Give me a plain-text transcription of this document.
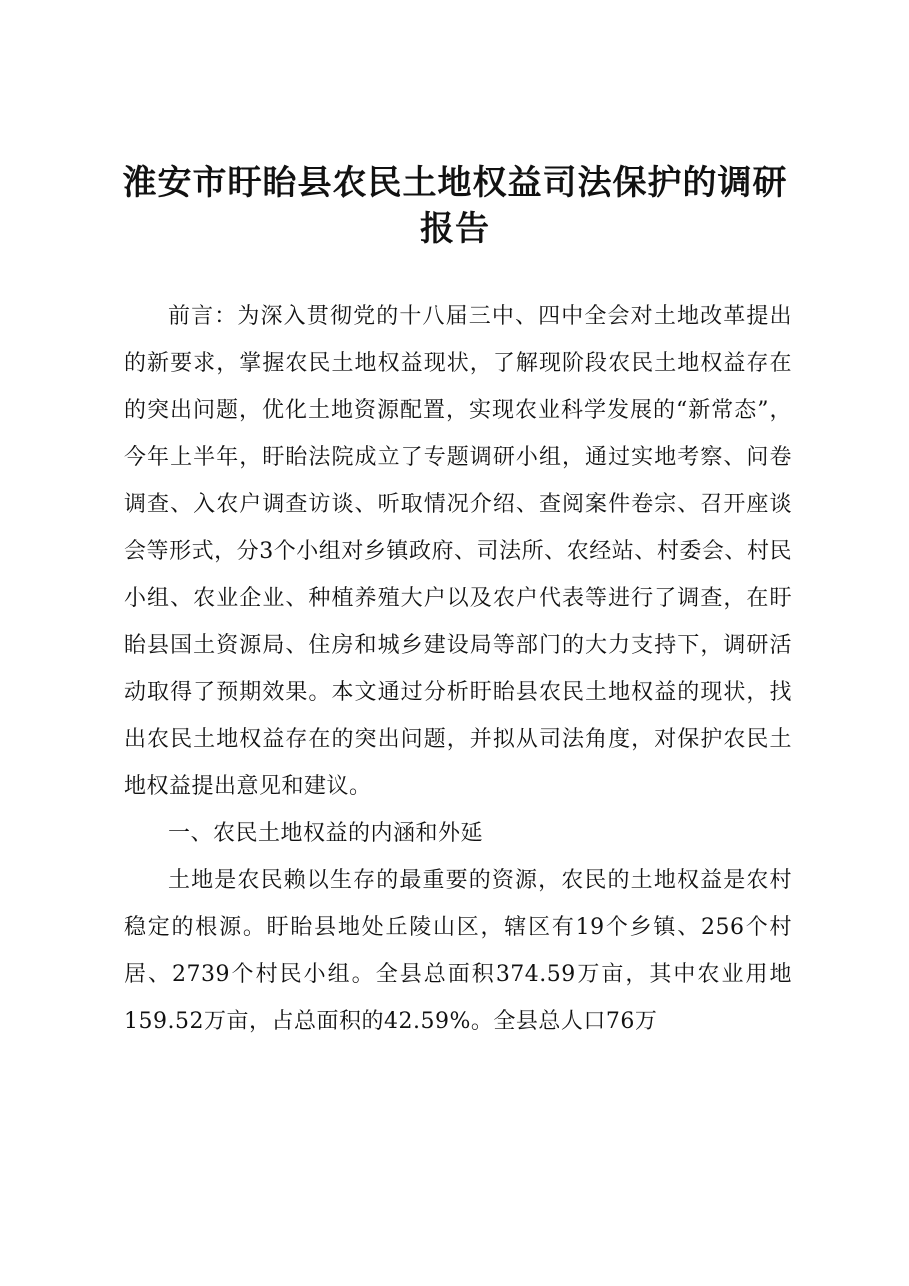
淮安市盱眙县农民土地权益司法保护的调研报告

前言：为深入贯彻党的十八届三中、四中全会对土地改革提出的新要求，掌握农民土地权益现状，了解现阶段农民土地权益存在的突出问题，优化土地资源配置，实现农业科学发展的“新常态”，今年上半年，盱眙法院成立了专题调研小组，通过实地考察、问卷调查、入农户调查访谈、听取情况介绍、查阅案件卷宗、召开座谈会等形式，分3个小组对乡镇政府、司法所、农经站、村委会、村民小组、农业企业、种植养殖大户以及农户代表等进行了调查，在盱眙县国土资源局、住房和城乡建设局等部门的大力支持下，调研活动取得了预期效果。本文通过分析盱眙县农民土地权益的现状，找出农民土地权益存在的突出问题，并拟从司法角度，对保护农民土地权益提出意见和建议。

一、农民土地权益的内涵和外延

土地是农民赖以生存的最重要的资源，农民的土地权益是农村稳定的根源。盱眙县地处丘陵山区，辖区有19个乡镇、256个村居、2739个村民小组。全县总面积374.59万亩，其中农业用地159.52万亩，占总面积的42.59%。全县总人口76万
